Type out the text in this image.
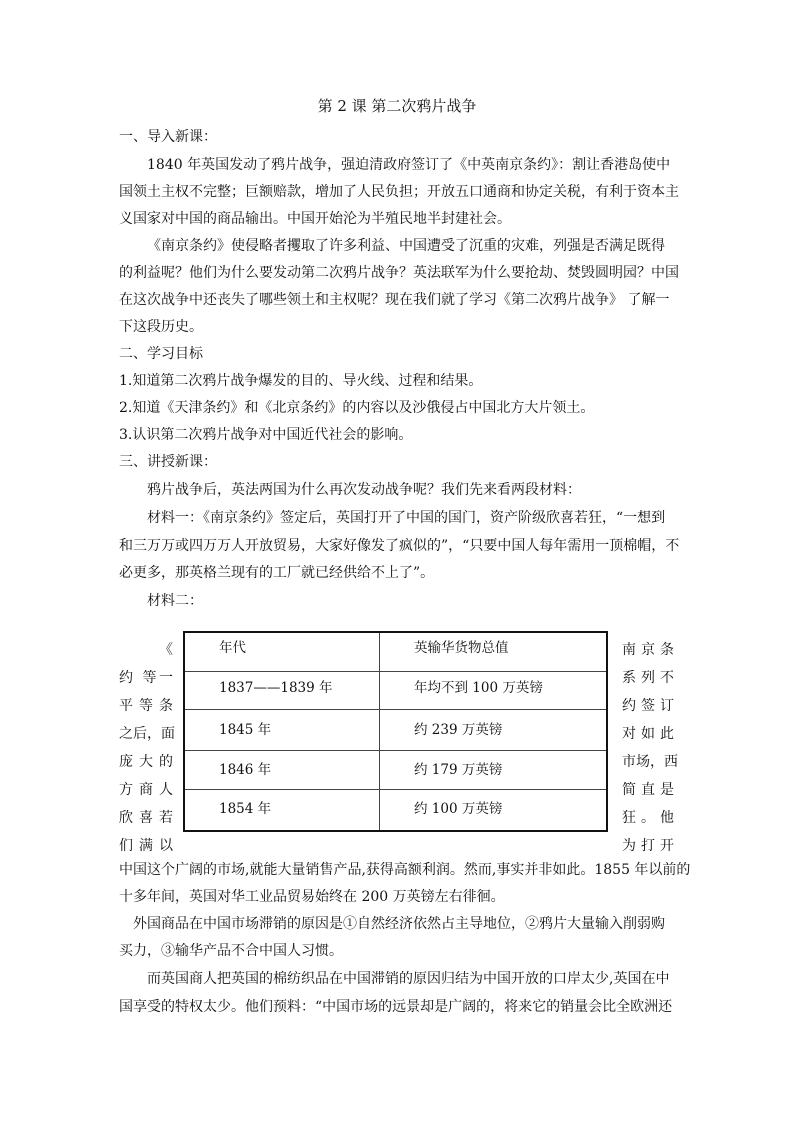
第 2 课 第二次鸦片战争
一、导入新课：
1840 年英国发动了鸦片战争，强迫清政府签订了《中英南京条约》：割让香港岛使中
国领土主权不完整；巨额赔款，增加了人民负担；开放五口通商和协定关税，有利于资本主
义国家对中国的商品输出。中国开始沦为半殖民地半封建社会。
《南京条约》使侵略者攫取了许多利益、中国遭受了沉重的灾难，列强是否满足既得
的利益呢？他们为什么要发动第二次鸦片战争？英法联军为什么要抢劫、焚毁圆明园？中国
在这次战争中还丧失了哪些领土和主权呢？现在我们就了学习《第二次鸦片战争》 了解一
下这段历史。
二、学习目标
1.知道第二次鸦片战争爆发的目的、导火线、过程和结果。
2.知道《天津条约》和《北京条约》的内容以及沙俄侵占中国北方大片领土。
3.认识第二次鸦片战争对中国近代社会的影响。
三、讲授新课：
鸦片战争后，英法两国为什么再次发动战争呢？我们先来看两段材料：
材料一：《南京条约》签定后，英国打开了中国的国门，资产阶级欣喜若狂，“一想到
和三万万或四万万人开放贸易，大家好像发了疯似的”，“只要中国人每年需用一顶棉帽，不
必更多，那英格兰现有的工厂就已经供给不上了”。
材料二：
《
约 等一
平 等 条
之后，面
庞 大 的
方 商 人
欣 喜 若
们 满 以
年代	英输华货物总值
1837——1839 年	年均不到 100 万英镑
1845 年	约 239 万英镑
1846 年	约 179 万英镑
1854 年	约 100 万英镑
南 京 条
系 列 不
约 签 订
对 如 此
市场，西
简 直 是
狂 。 他
为 打 开
中国这个广阔的市场,就能大量销售产品,获得高额利润。然而,事实并非如此。1855 年以前的
十多年间，英国对华工业品贸易始终在 200 万英镑左右徘徊。
外国商品在中国市场滞销的原因是①自然经济依然占主导地位，②鸦片大量输入削弱购
买力，③输华产品不合中国人习惯。
而英国商人把英国的棉纺织品在中国滞销的原因归结为中国开放的口岸太少,英国在中
国享受的特权太少。他们预料：“中国市场的远景却是广阔的，将来它的销量会比全欧洲还
